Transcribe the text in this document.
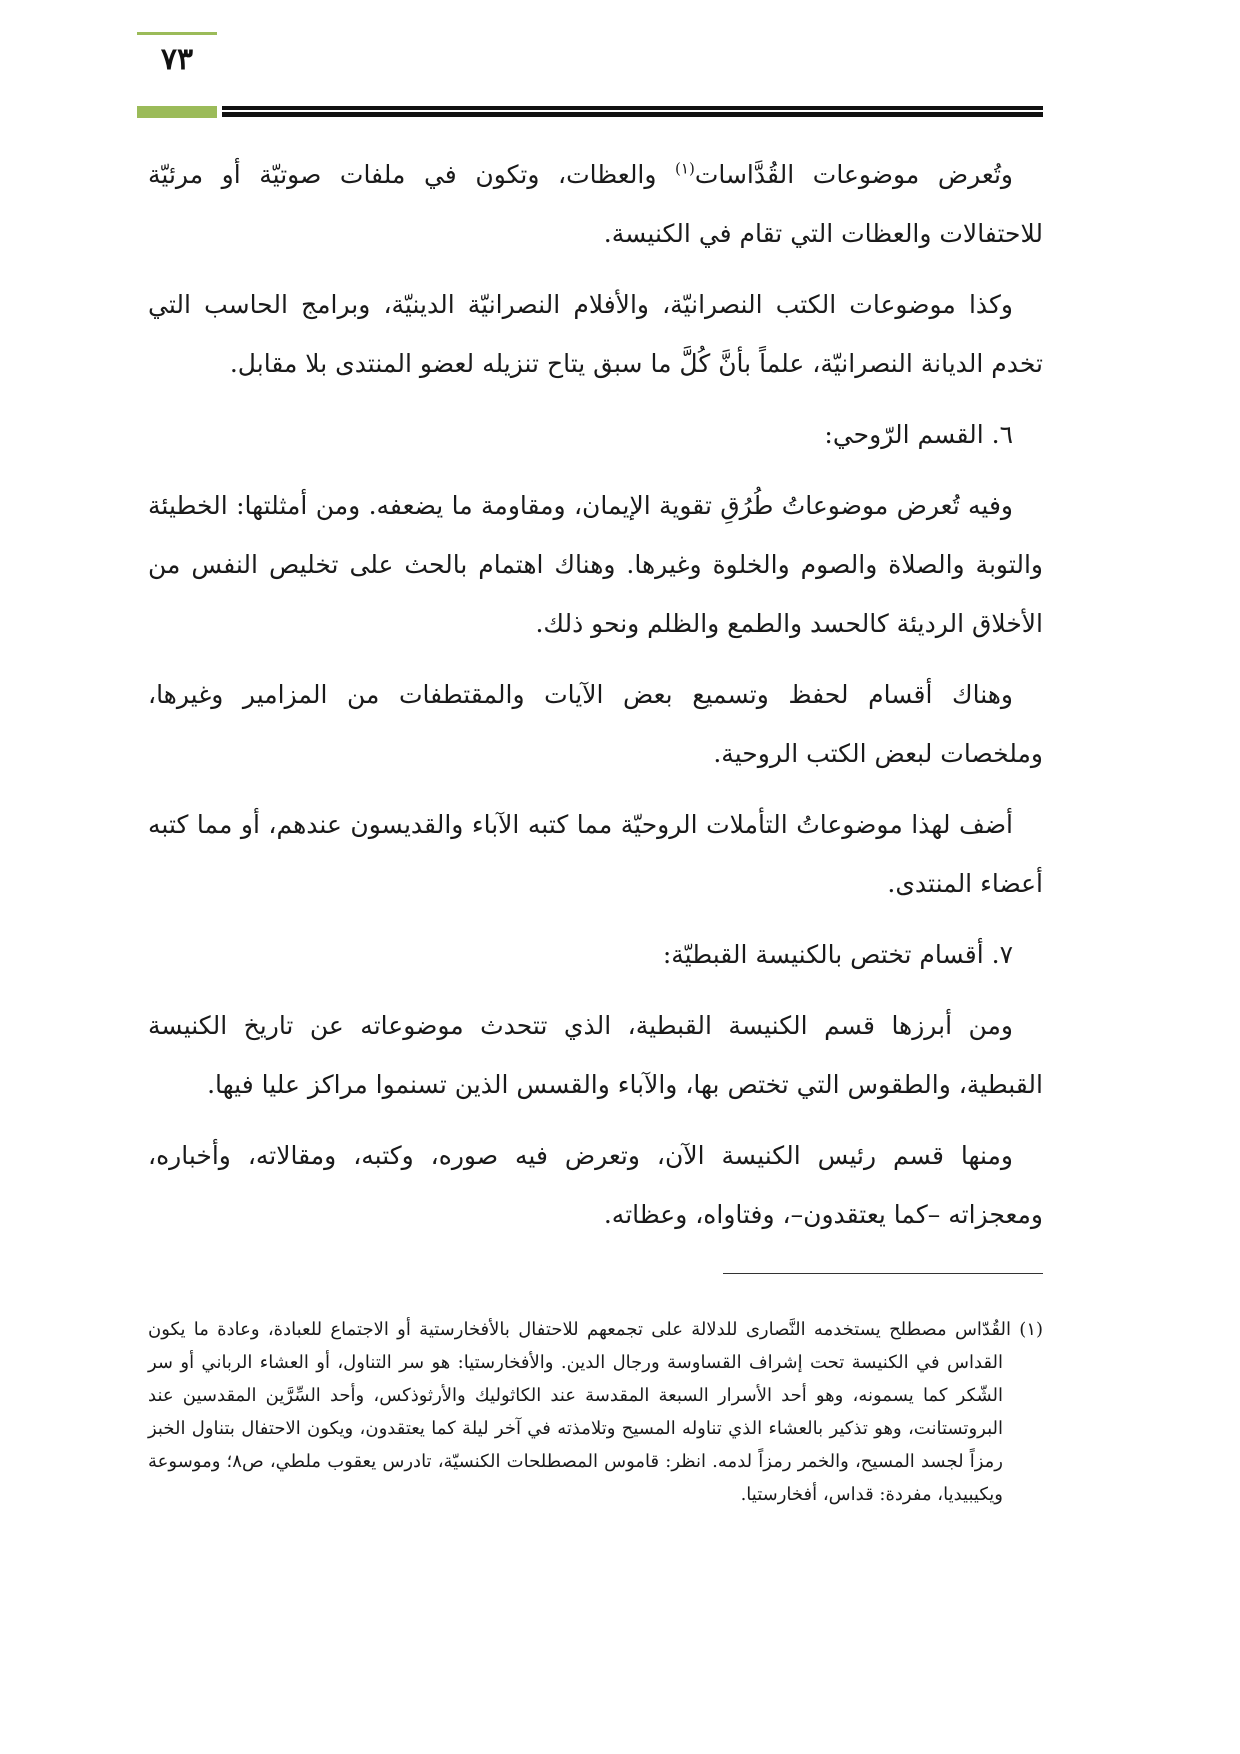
٧٣

وتُعرض موضوعات القُدَّاسات$^{(١)}$ والعظات، وتكون في ملفات صوتيّة أو مرئيّة للاحتفالات والعظات التي تقام في الكنيسة.

وكذا موضوعات الكتب النصرانيّة، والأفلام النصرانيّة الدينيّة، وبرامج الحاسب التي تخدم الديانة النصرانيّة، علماً بأنَّ كُلَّ ما سبق يتاح تنزيله لعضو المنتدى بلا مقابل.

٦. القسم الرّوحي:

وفيه تُعرض موضوعاتُ طُرُقِ تقوية الإيمان، ومقاومة ما يضعفه. ومن أمثلتها: الخطيئة والتوبة والصلاة والصوم والخلوة وغيرها. وهناك اهتمام بالحث على تخليص النفس من الأخلاق الرديئة كالحسد والطمع والظلم ونحو ذلك.

وهناك أقسام لحفظ وتسميع بعض الآيات والمقتطفات من المزامير وغيرها، وملخصات لبعض الكتب الروحية.

أضف لهذا موضوعاتُ التأملات الروحيّة مما كتبه الآباء والقديسون عندهم، أو مما كتبه أعضاء المنتدى.

٧. أقسام تختص بالكنيسة القبطيّة:

ومن أبرزها قسم الكنيسة القبطية، الذي تتحدث موضوعاته عن تاريخ الكنيسة القبطية، والطقوس التي تختص بها، والآباء والقسس الذين تسنموا مراكز عليا فيها.

ومنها قسم رئيس الكنيسة الآن، وتعرض فيه صوره، وكتبه، ومقالاته، وأخباره، ومعجزاته –كما يعتقدون–، وفتاواه، وعظاته.

(١) القُدّاس مصطلح يستخدمه النَّصارى للدلالة على تجمعهم للاحتفال بالأفخارستية أو الاجتماع للعبادة، وعادة ما يكون القداس في الكنيسة تحت إشراف القساوسة ورجال الدين. والأفخارستيا: هو سر التناول، أو العشاء الرباني أو سر الشّكر كما يسمونه، وهو أحد الأسرار السبعة المقدسة عند الكاثوليك والأرثوذكس، وأحد السِّرَّين المقدسين عند البروتستانت، وهو تذكير بالعشاء الذي تناوله المسيح وتلامذته في آخر ليلة كما يعتقدون، ويكون الاحتفال بتناول الخبز رمزاً لجسد المسيح، والخمر رمزاً لدمه. انظر: قاموس المصطلحات الكنسيّة، تادرس يعقوب ملطي، ص٨؛ وموسوعة ويكيبيديا، مفردة: قداس، أفخارستيا.
